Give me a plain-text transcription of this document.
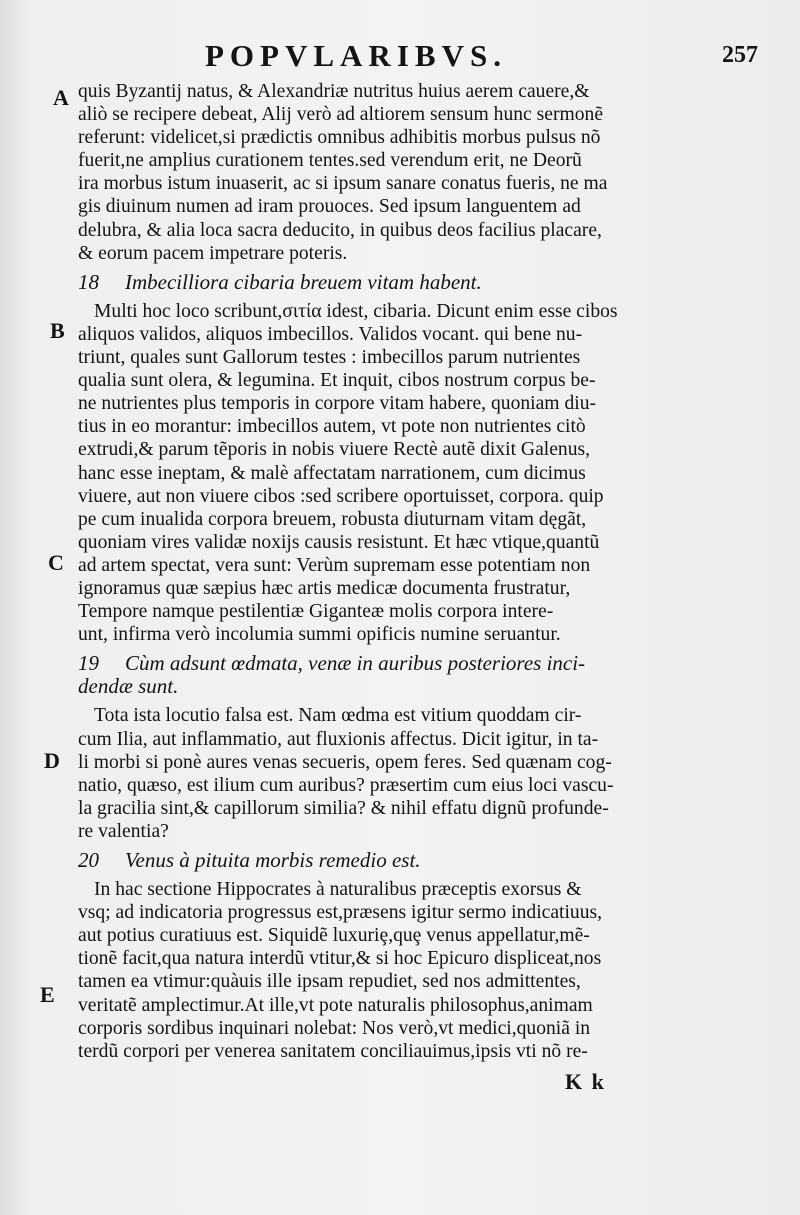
POPVLARIBVS.	257
A
B
C
D
E
quis Byzantij natus, & Alexandriæ nutritus huius aerem cauere,&
aliò se recipere debeat, Alij verò ad altiorem sensum hunc sermonẽ
referunt: videlicet,si prædictis omnibus adhibitis morbus pulsus nõ
fuerit,ne amplius curationem tentes.sed verendum erit, ne Deorũ
ira morbus istum inuaserit, ac si ipsum sanare conatus fueris, ne ma
gis diuinum numen ad iram prouoces. Sed ipsum languentem ad
delubra, & alia loca sacra deducito, in quibus deos facilius placare,
& eorum pacem impetrare poteris.
18 Imbecilliora cibaria breuem vitam habent.
Multi hoc loco scribunt,σιτία idest, cibaria. Dicunt enim esse cibos
aliquos validos, aliquos imbecillos. Validos vocant. qui bene nu-
triunt, quales sunt Gallorum testes : imbecillos parum nutrientes
qualia sunt olera, & legumina. Et inquit, cibos nostrum corpus be-
ne nutrientes plus temporis in corpore vitam habere, quoniam diu-
tius in eo morantur: imbecillos autem, vt pote non nutrientes citò
extrudi,& parum tẽporis in nobis viuere Rectè autẽ dixit Galenus,
hanc esse ineptam, & malè affectatam narrationem, cum dicimus
viuere, aut non viuere cibos :sed scribere oportuisset, corpora. quip
pe cum inualida corpora breuem, robusta diuturnam vitam dęgãt,
quoniam vires validæ noxijs causis resistunt. Et hæc vtique,quantũ
ad artem spectat, vera sunt: Verùm supremam esse potentiam non
ignoramus quæ sæpius hæc artis medicæ documenta frustratur,
Tempore namque pestilentiæ Giganteæ molis corpora intere-
unt, infirma verò incolumia summi opificis numine seruantur.
19 Cùm adsunt œdmata, venæ in auribus posteriores inci-
dendæ sunt.
Tota ista locutio falsa est. Nam œdma est vitium quoddam cir-
cum Ilia, aut inflammatio, aut fluxionis affectus. Dicit igitur, in ta-
li morbi si ponè aures venas secueris, opem feres. Sed quænam cog-
natio, quæso, est ilium cum auribus? præsertim cum eius loci vascu-
la gracilia sint,& capillorum similia? & nihil effatu dignũ profunde-
re valentia?
20 Venus à pituita morbis remedio est.
In hac sectione Hippocrates à naturalibus præceptis exorsus &
vsq; ad indicatoria progressus est,præsens igitur sermo indicatiuus,
aut potius curatiuus est. Siquidẽ luxuriȩ,quȩ venus appellatur,mẽ-
tionẽ facit,qua natura interdũ vtitur,& si hoc Epicuro displiceat,nos
tamen ea vtimur:quàuis ille ipsam repudiet, sed nos admittentes,
veritatẽ amplectimur.At ille,vt pote naturalis philosophus,animam
corporis sordibus inquinari nolebat: Nos verò,vt medici,quoniã in
terdũ corpori per venerea sanitatem conciliauimus,ipsis vti nõ re-
K k
